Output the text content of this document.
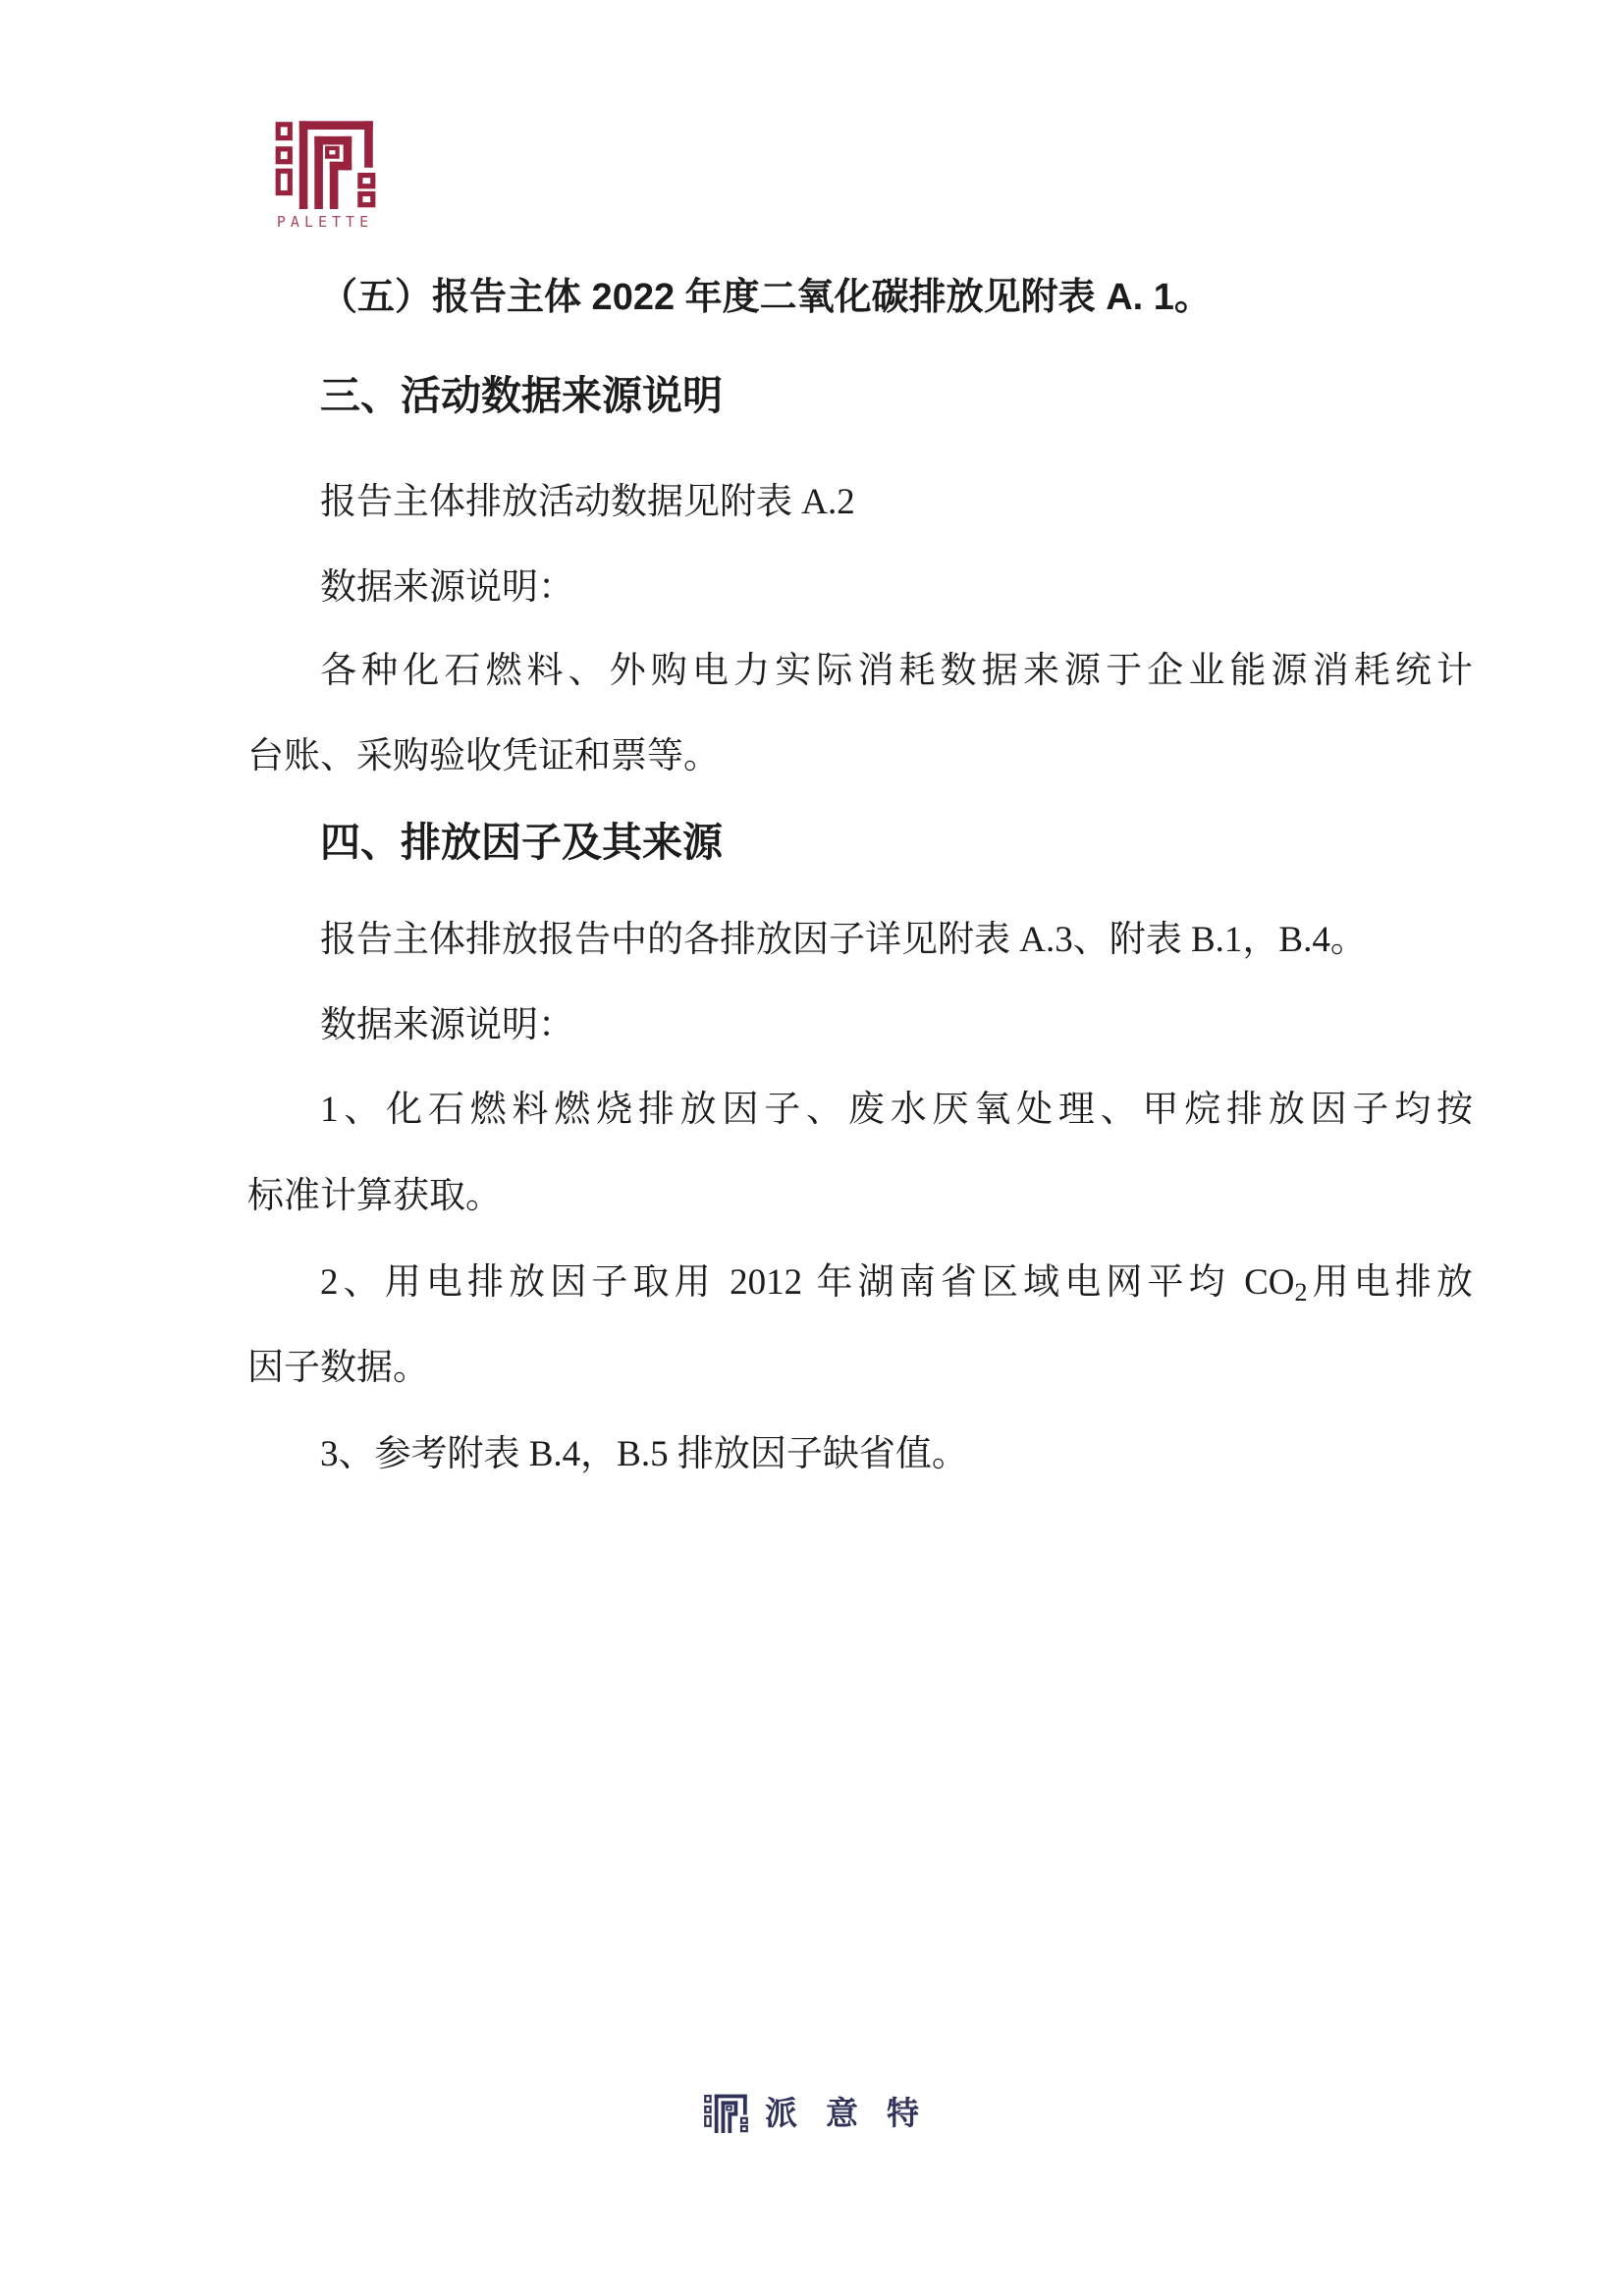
PALETTE
（五）报告主体 2022 年度二氧化碳排放见附表 A. 1。
三、活动数据来源说明
报告主体排放活动数据见附表 A.2
数据来源说明：
各种化石燃料、外购电力实际消耗数据来源于企业能源消耗统计
台账、采购验收凭证和票等。
四、排放因子及其来源
报告主体排放报告中的各排放因子详见附表 A.3、附表 B.1，B.4。
数据来源说明：
1、化石燃料燃烧排放因子、废水厌氧处理、甲烷排放因子均按
标准计算获取。
2、用电排放因子取用 2012 年湖南省区域电网平均 CO2用电排放
因子数据。
3、参考附表 B.4，B.5 排放因子缺省值。
派意特
